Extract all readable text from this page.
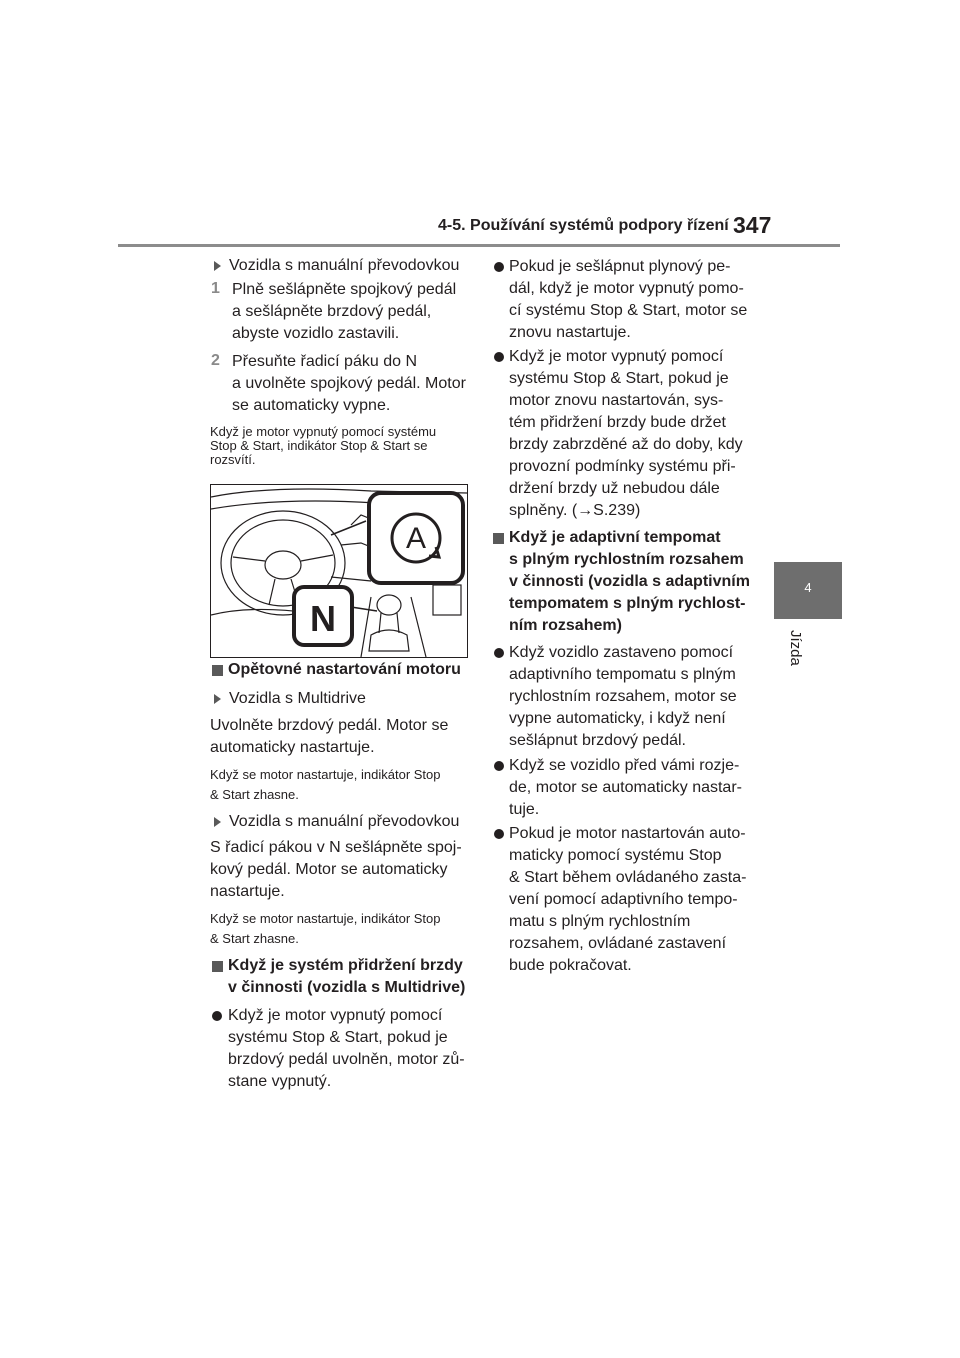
4-5. Používání systémů podpory řízení 347
4
Jízda
Vozidla s manuální převodovkou
1 Plně sešlápněte spojkový pedál
a sešlápněte brzdový pedál,
abyste vozidlo zastavili.
2 Přesuňte řadicí páku do N
a uvolněte spojkový pedál. Motor
se automaticky vypne.
Když je motor vypnutý pomocí systému
Stop & Start, indikátor Stop & Start se
rozsvítí.
A
N
Opětovné nastartování motoru
Vozidla s Multidrive
Uvolněte brzdový pedál. Motor se
automaticky nastartuje.
Když se motor nastartuje, indikátor Stop
& Start zhasne.
Vozidla s manuální převodovkou
S řadicí pákou v N sešlápněte spoj-
kový pedál. Motor se automaticky
nastartuje.
Když se motor nastartuje, indikátor Stop
& Start zhasne.
Když je systém přidržení brzdy
v činnosti (vozidla s Multidrive)
Když je motor vypnutý pomocí
systému Stop & Start, pokud je
brzdový pedál uvolněn, motor zů-
stane vypnutý.
Pokud je sešlápnut plynový pe-
dál, když je motor vypnutý pomo-
cí systému Stop & Start, motor se
znovu nastartuje.
Když je motor vypnutý pomocí
systému Stop & Start, pokud je
motor znovu nastartován, sys-
tém přidržení brzdy bude držet
brzdy zabrzděné až do doby, kdy
provozní podmínky systému při-
držení brzdy už nebudou dále
splněny. (→S.239)
Když je adaptivní tempomat
s plným rychlostním rozsahem
v činnosti (vozidla s adaptivním
tempomatem s plným rychlost-
ním rozsahem)
Když vozidlo zastaveno pomocí
adaptivního tempomatu s plným
rychlostním rozsahem, motor se
vypne automaticky, i když není
sešlápnut brzdový pedál.
Když se vozidlo před vámi rozje-
de, motor se automaticky nastar-
tuje.
Pokud je motor nastartován auto-
maticky pomocí systému Stop
& Start během ovládaného zasta-
vení pomocí adaptivního tempo-
matu s plným rychlostním
rozsahem, ovládané zastavení
bude pokračovat.
